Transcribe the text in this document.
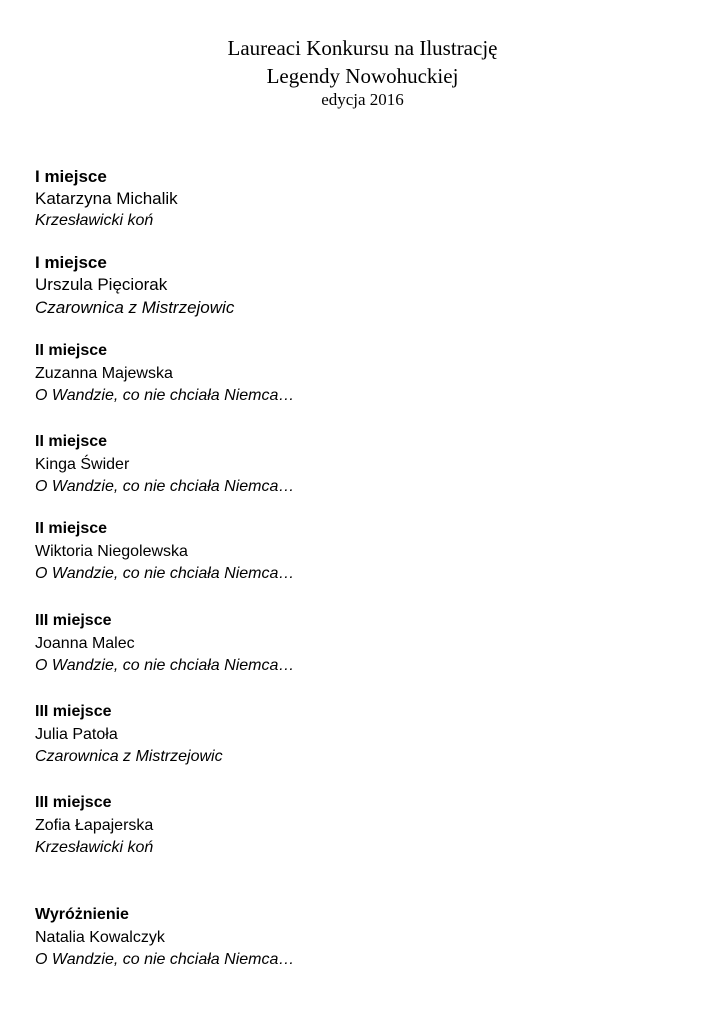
Laureaci Konkursu na Ilustrację
Legendy Nowohuckiej
edycja 2016
I miejsce
Katarzyna Michalik
Krzesławicki koń
I miejsce
Urszula Pięciorak
Czarownica z Mistrzejowic
II miejsce
Zuzanna Majewska
O Wandzie, co nie chciała Niemca…
II miejsce
Kinga Świder
O Wandzie, co nie chciała Niemca…
II miejsce
Wiktoria Niegolewska
O Wandzie, co nie chciała Niemca…
III miejsce
Joanna Malec
O Wandzie, co nie chciała Niemca…
III miejsce
Julia Patoła
Czarownica z Mistrzejowic
III miejsce
Zofia Łapajerska
Krzesławicki koń
Wyróżnienie
Natalia Kowalczyk
O Wandzie, co nie chciała Niemca…
